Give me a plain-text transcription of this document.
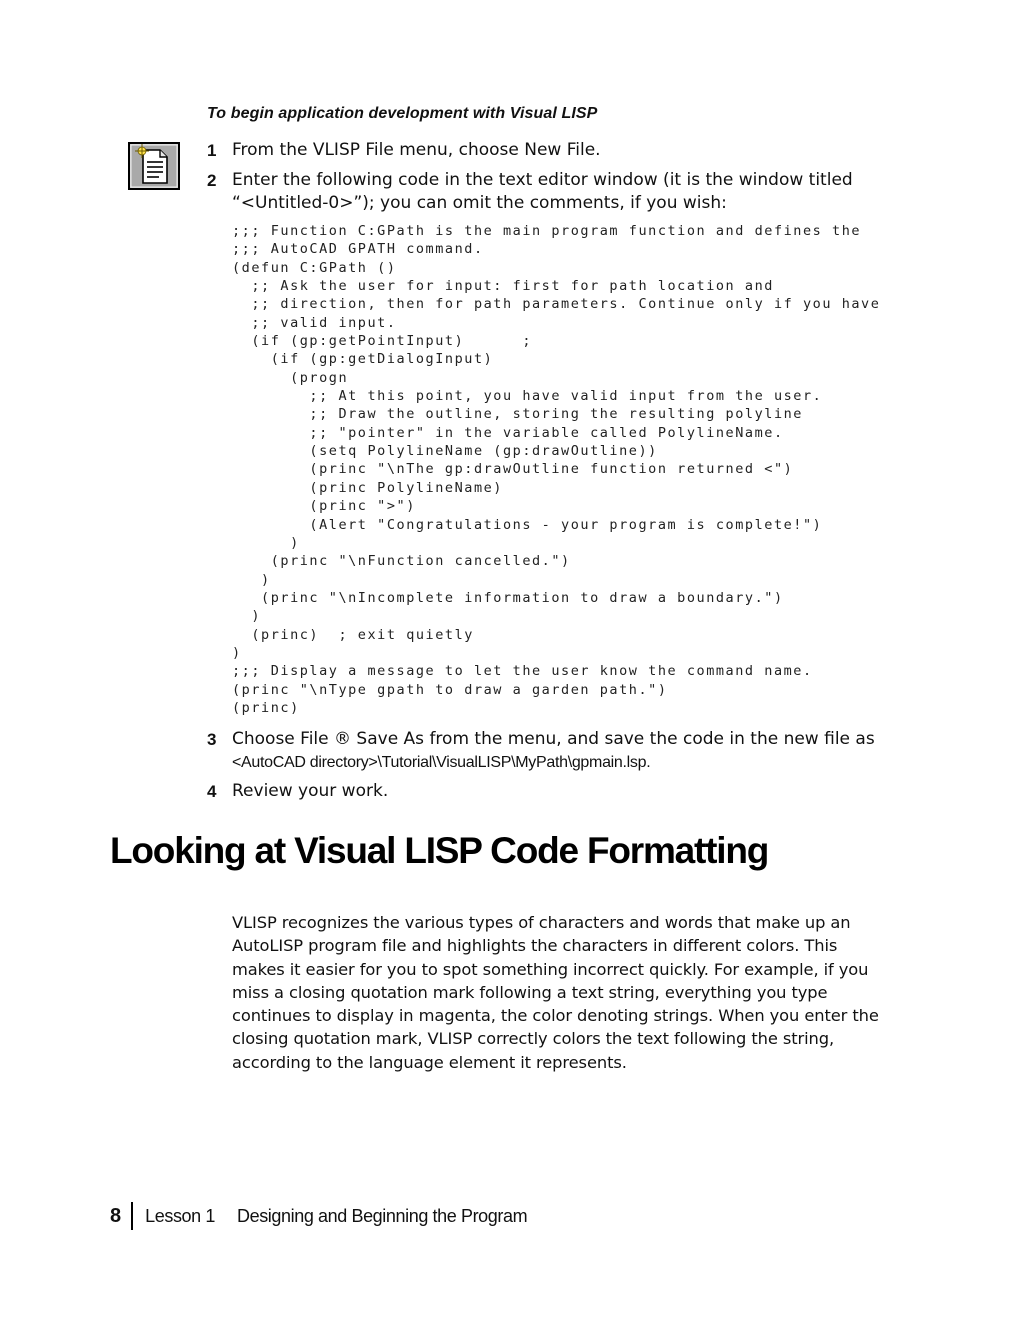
To begin application development with Visual LISP
1 From the VLISP File menu, choose New File.
2 Enter the following code in the text editor window (it is the window titled
“<Untitled-0>”); you can omit the comments, if you wish:
;;; Function C:GPath is the main program function and defines the
;;; AutoCAD GPATH command.
(defun C:GPath ()
;; Ask the user for input: first for path location and
;; direction, then for path parameters. Continue only if you have
;; valid input.
(if (gp:getPointInput)      ;
(if (gp:getDialogInput)
(progn
;; At this point, you have valid input from the user.
;; Draw the outline, storing the resulting polyline
;; "pointer" in the variable called PolylineName.
(setq PolylineName (gp:drawOutline))
(princ "\nThe gp:drawOutline function returned <")
(princ PolylineName)
(princ ">")
(Alert "Congratulations - your program is complete!")
)
(princ "\nFunction cancelled.")
)
(princ "\nIncomplete information to draw a boundary.")
)
(princ)  ; exit quietly
)
;;; Display a message to let the user know the command name.
(princ "\nType gpath to draw a garden path.")
(princ)
3 Choose File ® Save As from the menu, and save the code in the new file as
<AutoCAD directory>\Tutorial\VisualLISP\MyPath\gpmain.lsp.
4 Review your work.
Looking at Visual LISP Code Formatting

VLISP recognizes the various types of characters and words that make up an AutoLISP program file and highlights the characters in different colors. This makes it easier for you to spot something incorrect quickly. For example, if you miss a closing quotation mark following a text string, everything you type continues to display in magenta, the color denoting strings. When you enter the closing quotation mark, VLISP correctly colors the text following the string, according to the language element it represents.

8 Lesson 1 Designing and Beginning the Program
